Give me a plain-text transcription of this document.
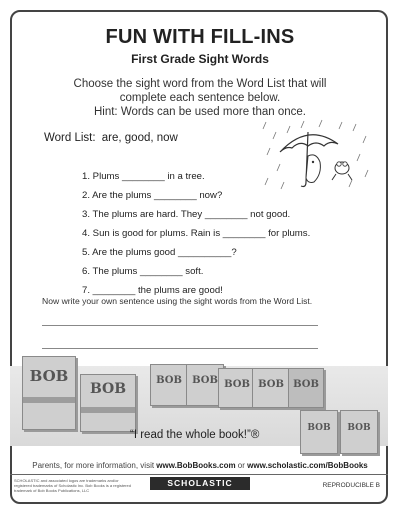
FUN WITH FILL-INS
First Grade Sight Words
Choose the sight word from the Word List that will
complete each sentence below.
Hint: Words can be used more than once.
Word List: are, good, now
1. Plums ________ in a tree.
2. Are the plums ________ now?
3. The plums are hard. They ________ not good.
4. Sun is good for plums. Rain is ________ for plums.
5. Are the plums good __________?
6. The plums ________ soft.
7. ________ the plums are good!
Now write your own sentence using the sight words from the Word List.
BOB
BOB
BOB	BOB BOB BOB BOB
BOB	BOB
“I read the whole book!”®
Parents, for more information, visit www.BobBooks.com or www.scholastic.com/BobBooks
SCHOLASTIC and associated logos are trademarks and/or registered trademarks of Scholastic Inc. Bob Books is a registered trademark of Bob Books Publications, LLC
SCHOLASTIC	REPRODUCIBLE B
